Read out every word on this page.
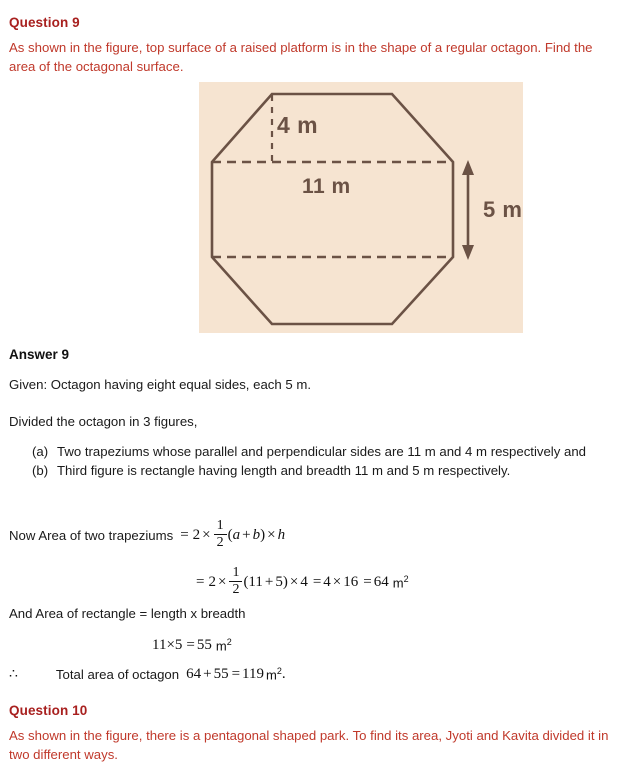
Question 9
As shown in the figure, top surface of a raised platform is in the shape of a regular octagon. Find the area of the octagonal surface.
4 m
11 m
5 m
Answer 9
Given: Octagon having eight equal sides, each 5 m.
Divided the octagon in 3 figures,
(a) Two trapeziums whose parallel and perpendicular sides are 11 m and 4 m respectively and
(b) Third figure is rectangle having length and breadth 11 m and 5 m respectively.
Now Area of two trapeziums = $2 \times \frac{1}{2}$ ( a + b ) × h
= $2 \times \frac{1}{2} (11 + 5) \times 4 = 4 \times 16 = 64$ $m^2$
And Area of rectangle = length x breadth
11×5 = 55 $m^2$
∴	Total area of octagon 64 + 55 = 119 $m^2$ .
Question 10
As shown in the figure, there is a pentagonal shaped park. To find its area, Jyoti and Kavita divided it in two different ways.
